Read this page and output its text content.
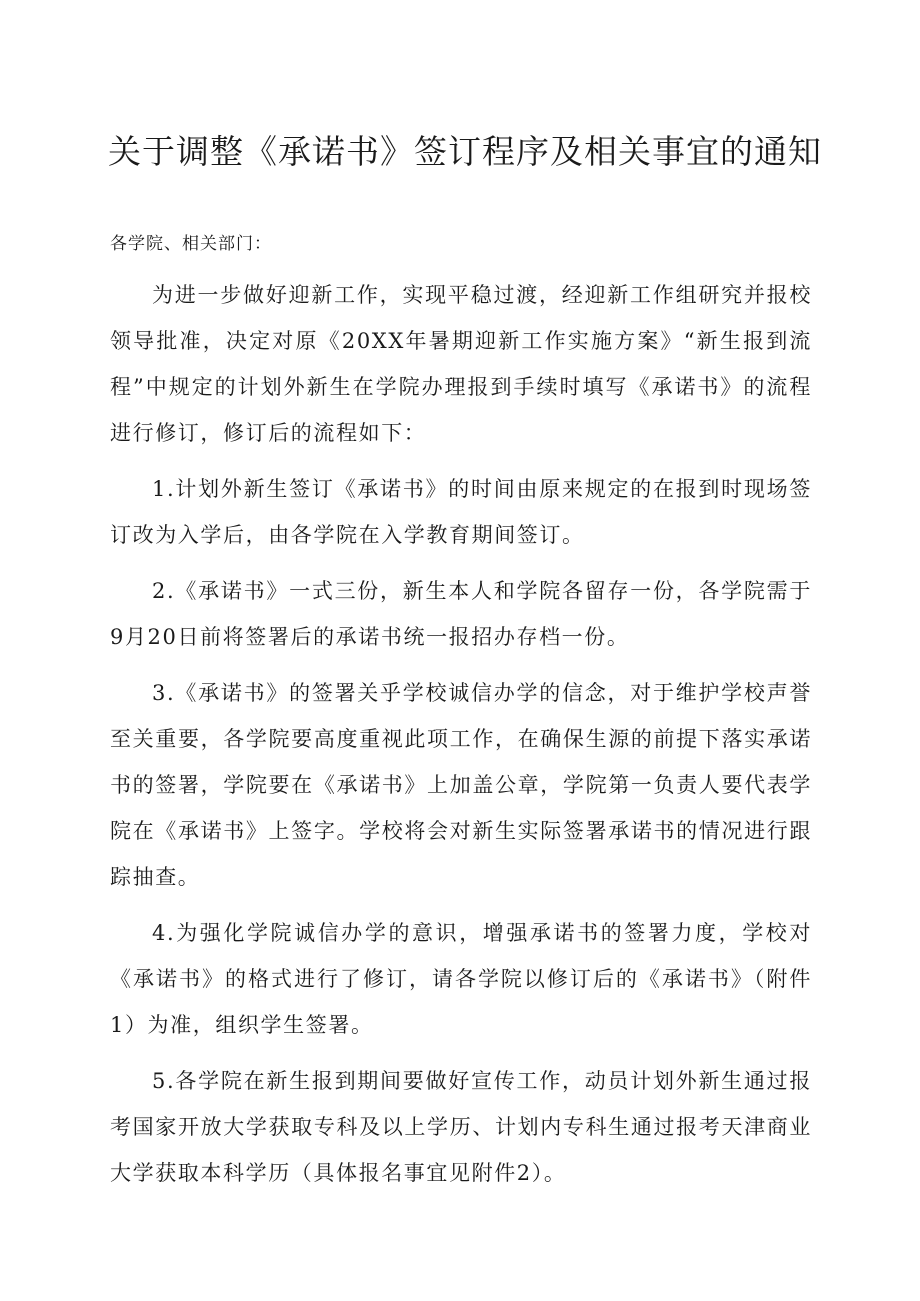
关于调整《承诺书》签订程序及相关事宜的通知
各学院、相关部门：

为进一步做好迎新工作，实现平稳过渡，经迎新工作组研究并报校领导批准，决定对原《20XX年暑期迎新工作实施方案》“新生报到流程”中规定的计划外新生在学院办理报到手续时填写《承诺书》的流程进行修订，修订后的流程如下：

1.计划外新生签订《承诺书》的时间由原来规定的在报到时现场签订改为入学后，由各学院在入学教育期间签订。

2.《承诺书》一式三份，新生本人和学院各留存一份，各学院需于9月20日前将签署后的承诺书统一报招办存档一份。

3.《承诺书》的签署关乎学校诚信办学的信念，对于维护学校声誉至关重要，各学院要高度重视此项工作，在确保生源的前提下落实承诺书的签署，学院要在《承诺书》上加盖公章，学院第一负责人要代表学院在《承诺书》上签字。学校将会对新生实际签署承诺书的情况进行跟踪抽查。

4.为强化学院诚信办学的意识，增强承诺书的签署力度，学校对《承诺书》的格式进行了修订，请各学院以修订后的《承诺书》（附件1）为准，组织学生签署。

5.各学院在新生报到期间要做好宣传工作，动员计划外新生通过报考国家开放大学获取专科及以上学历、计划内专科生通过报考天津商业大学获取本科学历（具体报名事宜见附件2）。
